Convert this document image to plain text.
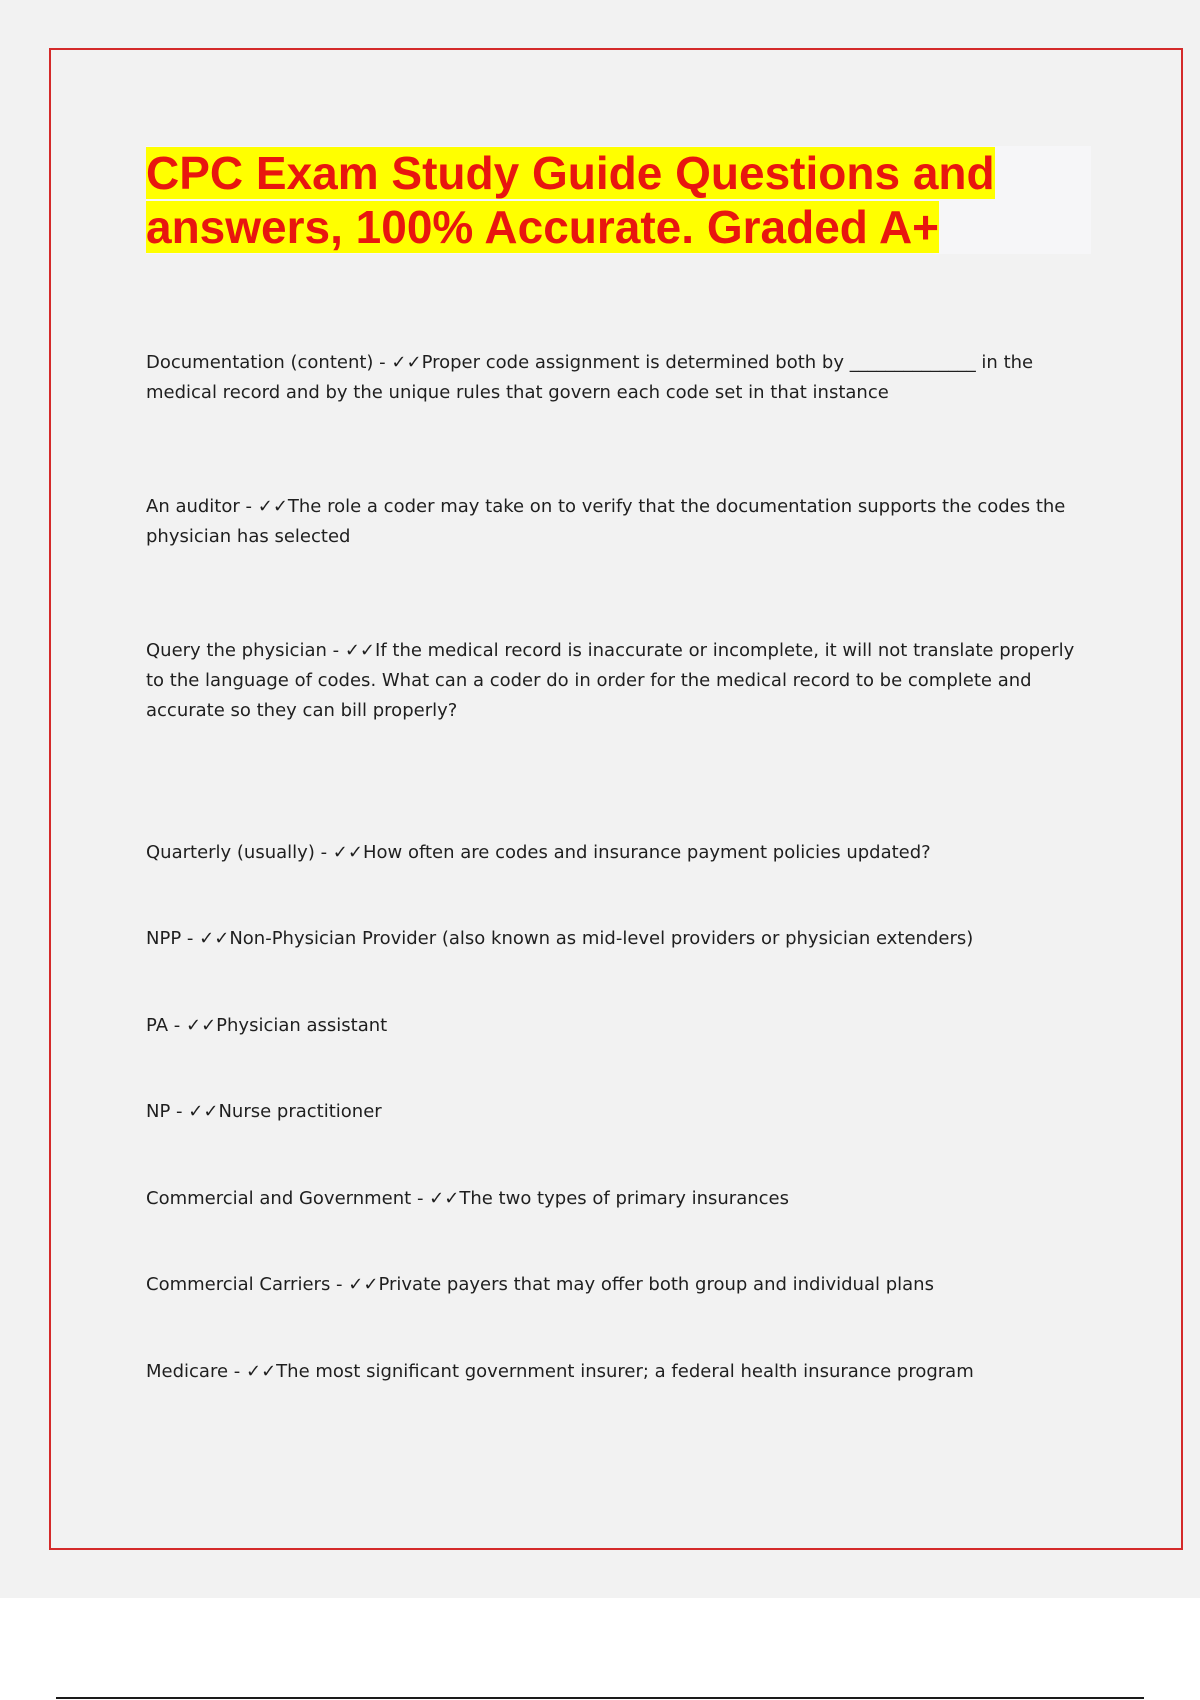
CPC Exam Study Guide Questions and
answers, 100% Accurate. Graded A+
Documentation (content) - ✓✓Proper code assignment is determined both by ______________ in the medical record and by the unique rules that govern each code set in that instance
An auditor - ✓✓The role a coder may take on to verify that the documentation supports the codes the physician has selected
Query the physician - ✓✓If the medical record is inaccurate or incomplete, it will not translate properly to the language of codes. What can a coder do in order for the medical record to be complete and accurate so they can bill properly?
Quarterly (usually) - ✓✓How often are codes and insurance payment policies updated?
NPP - ✓✓Non-Physician Provider (also known as mid-level providers or physician extenders)
PA - ✓✓Physician assistant
NP - ✓✓Nurse practitioner
Commercial and Government - ✓✓The two types of primary insurances
Commercial Carriers - ✓✓Private payers that may offer both group and individual plans
Medicare - ✓✓The most significant government insurer; a federal health insurance program
